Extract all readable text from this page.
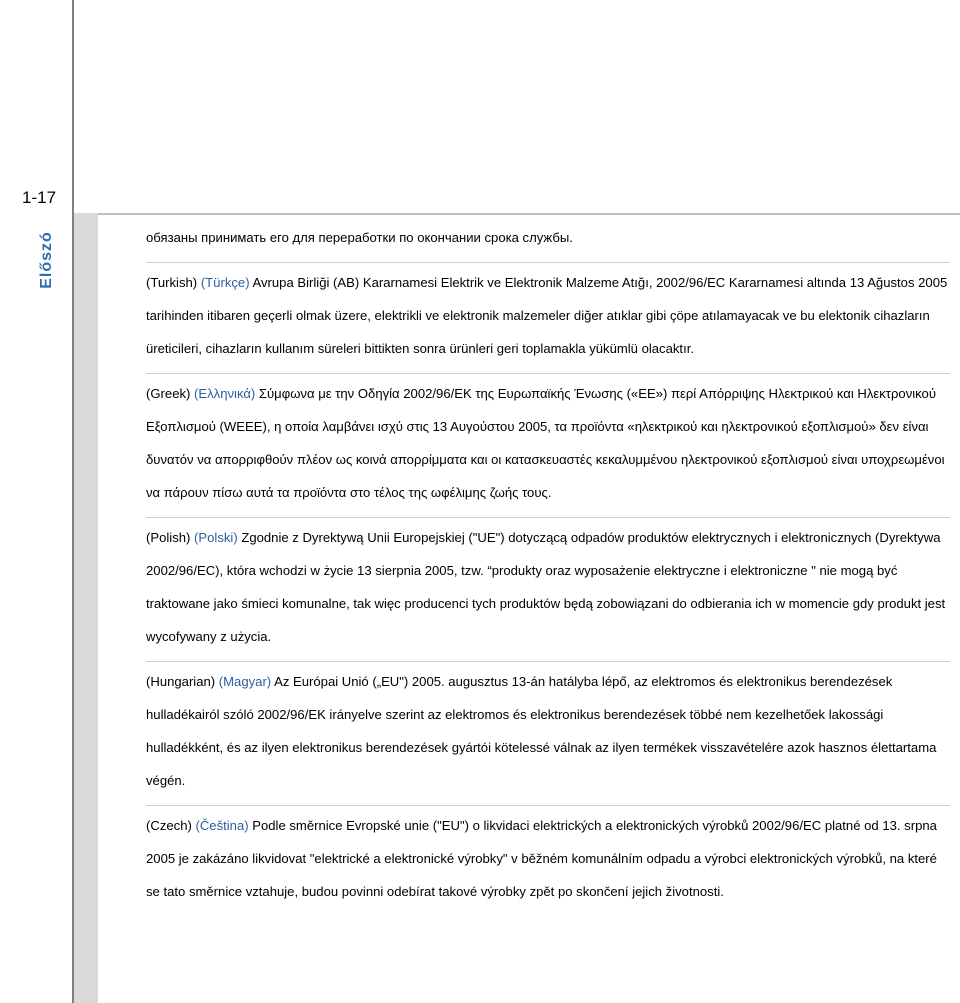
1-17
Előszó	обязаны принимать его для переработки по окончании срока службы.
(Turkish) (Türkçe) Avrupa Birliği (AB) Kararnamesi Elektrik ve Elektronik Malzeme Atığı, 2002/96/EC Kararnamesi altında 13 Ağustos 2005 tarihinden itibaren geçerli olmak üzere, elektrikli ve elektronik malzemeler diğer atıklar gibi çöpe atılamayacak ve bu elektonik cihazların üreticileri, cihazların kullanım süreleri bittikten sonra ürünleri geri toplamakla yükümlü olacaktır.
(Greek) (Ελληνικά) Σύμφωνα με την Οδηγία 2002/96/ΕΚ της Ευρωπαϊκής Ένωσης («ΕΕ») περί Απόρριψης Ηλεκτρικού και Ηλεκτρονικού Εξοπλισμού (WEEE), η οποία λαμβάνει ισχύ στις 13 Αυγούστου 2005, τα προϊόντα «ηλεκτρικού και ηλεκτρονικού εξοπλισμού» δεν είναι δυνατόν να απορριφθούν πλέον ως κοινά απορρίμματα και οι κατασκευαστές κεκαλυμμένου ηλεκτρονικού εξοπλισμού είναι υποχρεωμένοι να πάρουν πίσω αυτά τα προϊόντα στο τέλος της ωφέλιμης ζωής τους.
(Polish) (Polski) Zgodnie z Dyrektywą Unii Europejskiej ("UE") dotyczącą odpadów produktów elektrycznych i elektronicznych (Dyrektywa 2002/96/EC), która wchodzi w życie 13 sierpnia 2005, tzw. “produkty oraz wyposażenie elektryczne i elektroniczne " nie mogą być traktowane jako śmieci komunalne, tak więc producenci tych produktów będą zobowiązani do odbierania ich w momencie gdy produkt jest wycofywany z użycia.
(Hungarian) (Magyar) Az Európai Unió („EU") 2005. augusztus 13-án hatályba lépő, az elektromos és elektronikus berendezések hulladékairól szóló 2002/96/EK irányelve szerint az elektromos és elektronikus berendezések többé nem kezelhetőek lakossági hulladékként, és az ilyen elektronikus berendezések gyártói kötelessé válnak az ilyen termékek visszavételére azok hasznos élettartama végén.
(Czech) (Čeština) Podle směrnice Evropské unie ("EU") o likvidaci elektrických a elektronických výrobků 2002/96/EC platné od 13. srpna 2005 je zakázáno likvidovat "elektrické a elektronické výrobky" v běžném komunálním odpadu a výrobci elektronických výrobků, na které se tato směrnice vztahuje, budou povinni odebírat takové výrobky zpět po skončení jejich životnosti.
